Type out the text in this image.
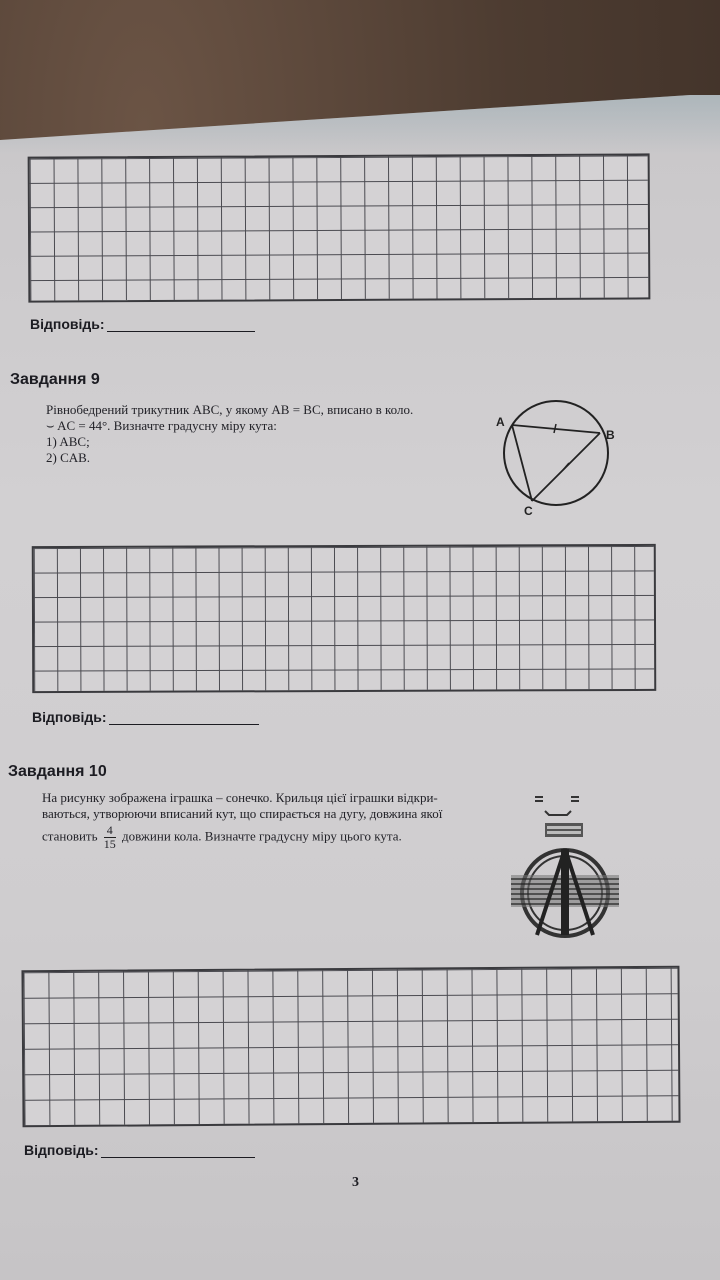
Відповідь:
Завдання 9
Рівнобедрений трикутник ABC, у якому AB = BC, вписано в коло.
⌣ AC = 44°. Визначте градусну міру кута:
1) ABC;
2) CAB.
A
B
C
Відповідь:
Завдання 10
На рисунку зображена іграшка – сонечко. Крильця цієї іграшки відкри-
ваються, утворюючи вписаний кут, що спирається на дугу, довжина якої
становить $\frac{4}{15}$ довжини кола. Визначте градусну міру цього кута.
Відповідь:
3
